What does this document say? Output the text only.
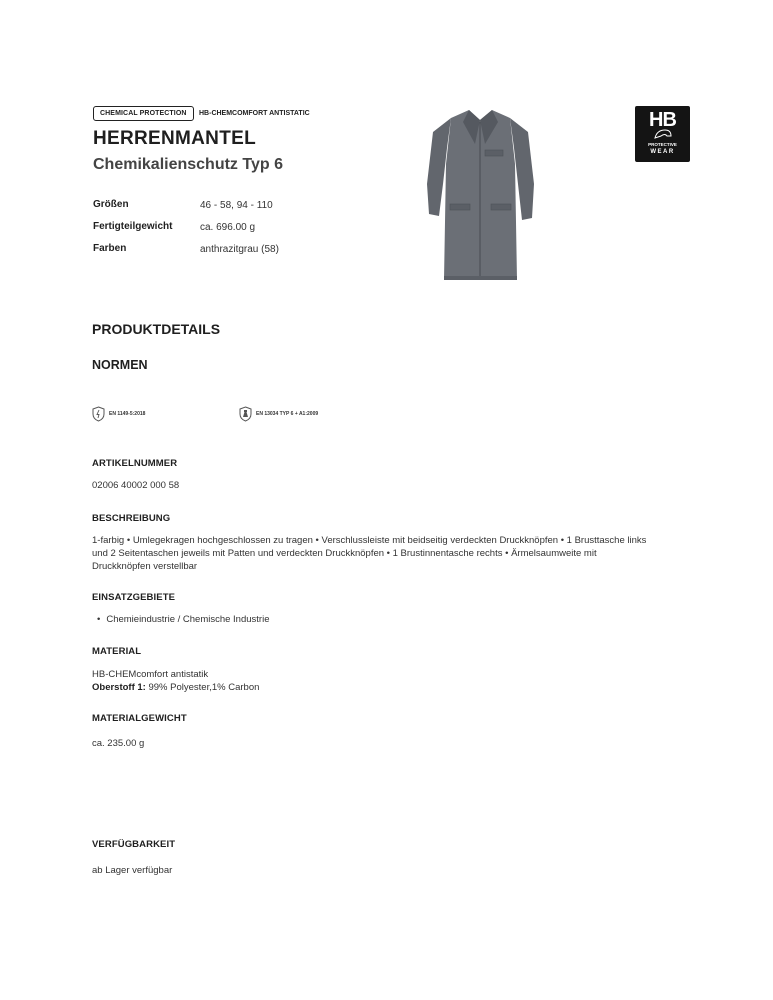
CHEMICAL PROTECTION	HB-CHEMCOMFORT ANTISTATIC
HERRENMANTEL
Chemikalienschutz Typ 6
Größen	46 - 58, 94 - 110
Fertigteilgewicht	ca. 696.00 g
Farben	anthrazitgrau (58)
HB
PROTECTIVE
WEAR
PRODUKTDETAILS
NORMEN
EN 1149-5:2018	EN 13034 TYP 6 + A1:2009
ARTIKELNUMMER
02006 40002 000 58
BESCHREIBUNG
1-farbig • Umlegekragen hochgeschlossen zu tragen • Verschlussleiste mit beidseitig verdeckten Druckknöpfen • 1 Brusttasche links und 2 Seitentaschen jeweils mit Patten und verdeckten Druckknöpfen • 1 Brustinnentasche rechts • Ärmelsaumweite mit Druckknöpfen verstellbar
EINSATZGEBIETE
• Chemieindustrie / Chemische Industrie
MATERIAL
HB-CHEMcomfort antistatik
Oberstoff 1: 99% Polyester,1% Carbon
MATERIALGEWICHT
ca. 235.00 g
VERFÜGBARKEIT
ab Lager verfügbar
